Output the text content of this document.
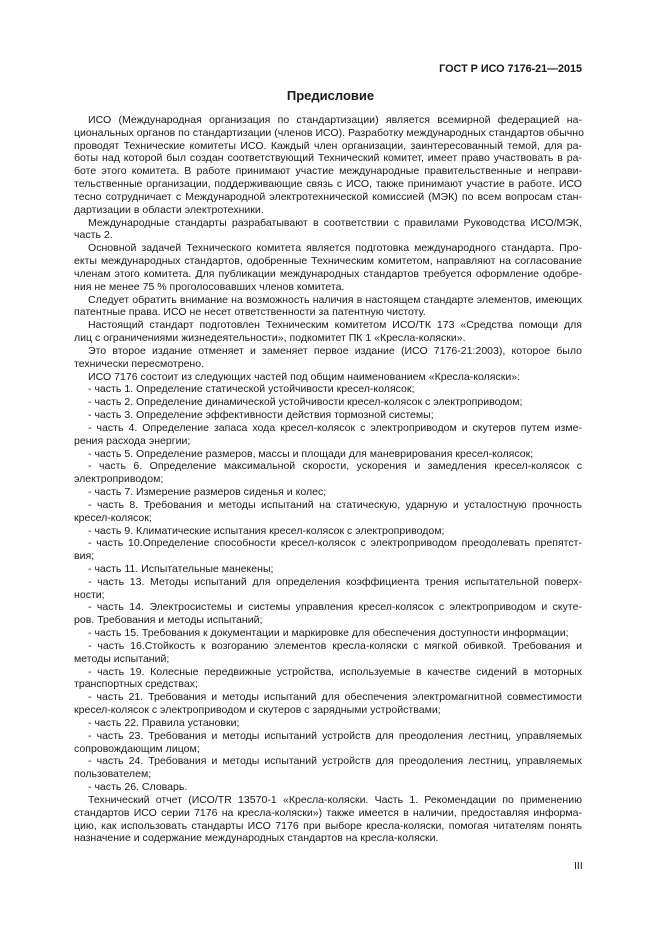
ГОСТ Р ИСО 7176-21—2015
Предисловие
ИСО (Международная организация по стандартизации) является всемирной федерацией на-
циональных органов по стандартизации (членов ИСО). Разработку международных стандартов обычно
проводят Технические комитеты ИСО. Каждый член организации, заинтересованный темой, для ра-
боты над которой был создан соответствующий Технический комитет, имеет право участвовать в ра-
боте этого комитета. В работе принимают участие международные правительственные и неправи-
тельственные организации, поддерживающие связь с ИСО, также принимают участие в работе. ИСО
тесно сотрудничает с Международной электротехнической комиссией (МЭК) по всем вопросам стан-
дартизации в области электротехники.
Международные стандарты разрабатывают в соответствии с правилами Руководства ИСО/МЭК,
часть 2.
Основной задачей Технического комитета является подготовка международного стандарта. Про-
екты международных стандартов, одобренные Техническим комитетом, направляют на согласование
членам этого комитета. Для публикации международных стандартов требуется оформление одобре-
ния не менее 75 % проголосовавших членов комитета.
Следует обратить внимание на возможность наличия в настоящем стандарте элементов, имеющих
патентные права. ИСО не несет ответственности за патентную чистоту.
Настоящий стандарт подготовлен Техническим комитетом ИСО/ТК 173 «Средства помощи для
лиц с ограничениями жизнедеятельности», подкомитет ПК 1 «Кресла-коляски».
Это второе издание отменяет и заменяет первое издание (ИСО 7176-21:2003), которое было
технически пересмотрено.
ИСО 7176 состоит из следующих частей под общим наименованием «Кресла-коляски»:
- часть 1. Определение статической устойчивости кресел-колясок;
- часть 2. Определение динамической устойчивости кресел-колясок с электроприводом;
- часть 3. Определение эффективности действия тормозной системы;
- часть 4. Определение запаса хода кресел-колясок с электроприводом и скутеров путем изме-
рения расхода энергии;
- часть 5. Определение размеров, массы и площади для маневрирования кресел-колясок;
- часть 6. Определение максимальной скорости, ускорения и замедления кресел-колясок с
электроприводом;
- часть 7. Измерение размеров сиденья и колес;
- часть 8. Требования и методы испытаний на статическую, ударную и усталостную прочность
кресел-колясок;
- часть 9. Климатические испытания кресел-колясок с электроприводом;
- часть 10.Определение способности кресел-колясок с электроприводом преодолевать препятст-
вия;
- часть 11. Испытательные манекены;
- часть 13. Методы испытаний для определения коэффициента трения испытательной поверх-
ности;
- часть 14. Электросистемы и системы управления кресел-колясок с электроприводом и скуте-
ров. Требования и методы испытаний;
- часть 15. Требования к документации и маркировке для обеспечения доступности информации;
- часть 16.Стойкость к возгоранию элементов кресла-коляски с мягкой обивкой. Требования и
методы испытаний;
- часть 19. Колесные передвижные устройства, используемые в качестве сидений в моторных
транспортных средствах;
- часть 21. Требования и методы испытаний для обеспечения электромагнитной совместимости
кресел-колясок с электроприводом и скутеров с зарядными устройствами;
- часть 22. Правила установки;
- часть 23. Требования и методы испытаний устройств для преодоления лестниц, управляемых
сопровождающим лицом;
- часть 24. Требования и методы испытаний устройств для преодоления лестниц, управляемых
пользователем;
- часть 26. Словарь.
Технический отчет (ИСО/TR 13570-1 «Кресла-коляски. Часть 1. Рекомендации по применению
стандартов ИСО серии 7176 на кресла-коляски») также имеется в наличии, предоставляя информа-
цию, как использовать стандарты ИСО 7176 при выборе кресла-коляски, помогая читателям понять
назначение и содержание международных стандартов на кресла-коляски.
III
